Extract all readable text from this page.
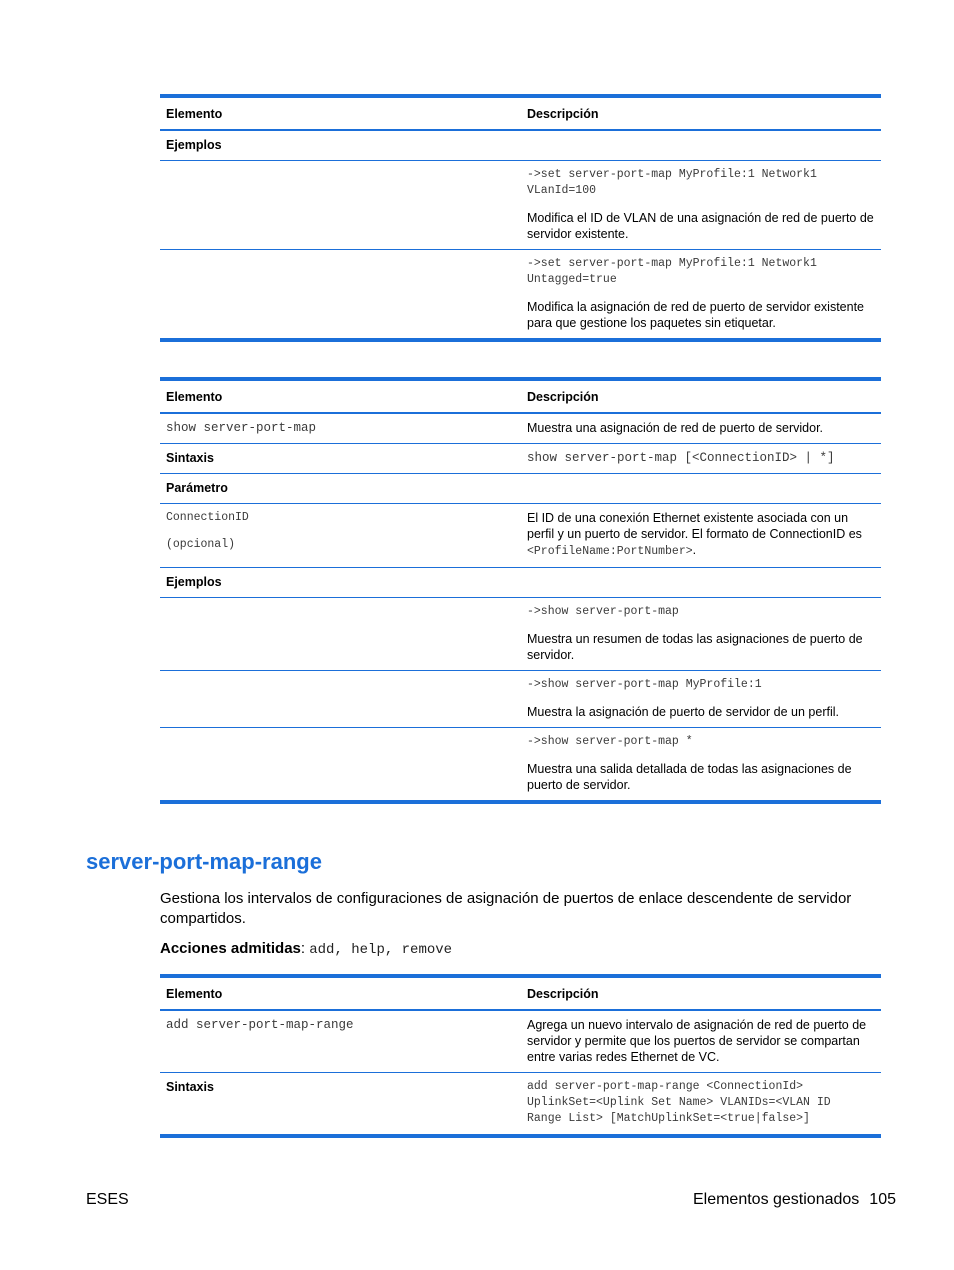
Elemento	Descripción
Ejemplos	

	->set server-port-map MyProfile:1 Network1
VLanId=100
Modifica el ID de VLAN de una asignación de red de puerto de servidor existente.

	->set server-port-map MyProfile:1 Network1
Untagged=true
Modifica la asignación de red de puerto de servidor existente para que gestione los paquetes sin etiquetar.
Elemento	Descripción
show server-port-map	Muestra una asignación de red de puerto de servidor.
Sintaxis	show server-port-map [<ConnectionID> | *]
Parámetro	

ConnectionID
(opcional)	El ID de una conexión Ethernet existente asociada con un perfil y un puerto de servidor. El formato de ConnectionID es <ProfileName:PortNumber>.
Ejemplos	

	->show server-port-map
Muestra un resumen de todas las asignaciones de puerto de servidor.

	->show server-port-map MyProfile:1
Muestra la asignación de puerto de servidor de un perfil.

	->show server-port-map *
Muestra una salida detallada de todas las asignaciones de puerto de servidor.
server-port-map-range

Gestiona los intervalos de configuraciones de asignación de puertos de enlace descendente de servidor compartidos.

Acciones admitidas: add, help, remove

Elemento	Descripción
add server-port-map-range	Agrega un nuevo intervalo de asignación de red de puerto de servidor y permite que los puertos de servidor se compartan entre varias redes Ethernet de VC.
Sintaxis	add server-port-map-range <ConnectionId>
UplinkSet=<Uplink Set Name> VLANIDs=<VLAN ID
Range List> [MatchUplinkSet=<true|false>]
ESES	Elementos gestionados 105
